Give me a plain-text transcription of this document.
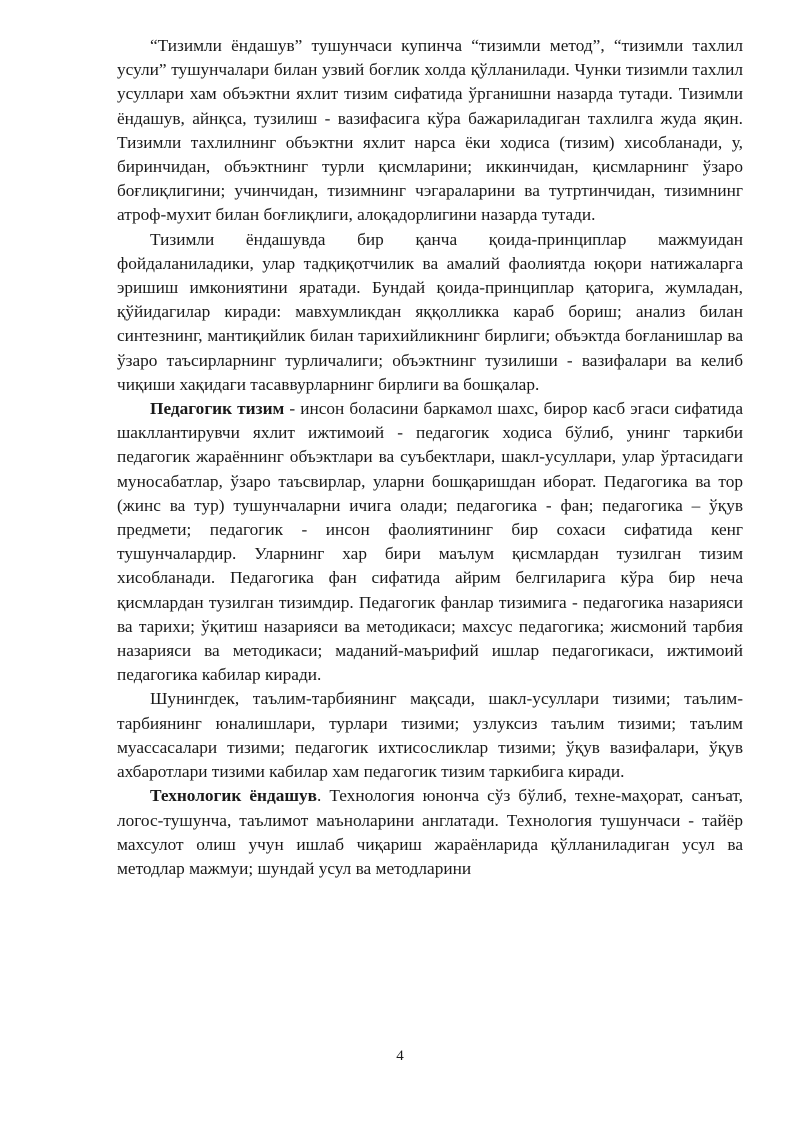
“Тизимли ёндашув” тушунчаси купинча “тизимли метод”, “тизимли тахлил усули” тушунчалари билан узвий боғлик холда қўлланилади. Чунки тизимли тахлил усуллари хам объэктни яхлит тизим сифатида ўрганишни назарда тутади. Тизимли ёндашув, айнқса, тузилиш - вазифасига кўра бажариладиган тахлилга жуда яқин. Тизимли тахлилнинг объэктни яхлит нарса ёки ходиса (тизим) хисобланади, у, биринчидан, объэктнинг турли қисмларини; иккинчидан, қисмларнинг ўзаро боғлиқлигини; учинчидан, тизимнинг чэгараларини ва тутртинчидан, тизимнинг атроф-мухит билан боғлиқлиги, алоқадорлигини назарда тутади.

Тизимли ёндашувда бир қанча қоида-принциплар мажмуидан фойдаланиладики, улар тадқиқотчилик ва амалий фаолиятда юқори натижаларга эришиш имкониятини яратади. Бундай қоида-принциплар қаторига, жумладан, қўйидагилар киради: мавхумликдан яққолликка караб бориш; анализ билан синтезнинг, мантиқийлик билан тарихийликнинг бирлиги; объэктда боғланишлар ва ўзаро таъсирларнинг турличалиги; объэктнинг тузилиши - вазифалари ва келиб чиқиши хақидаги тасаввурларнинг бирлиги ва бошқалар.

Педагогик тизим - инсон боласини баркамол шахс, бирор касб эгаси сифатида шакллантирувчи яхлит ижтимоий - педагогик ходиса бўлиб, унинг таркиби педагогик жараённинг объэктлари ва суъбектлари, шакл-усуллари, улар ўртасидаги муносабатлар, ўзаро таъсвирлар, уларни бошқаришдан иборат. Педагогика ва тор (жинс ва тур) тушунчаларни ичига олади; педагогика - фан; педагогика – ўқув предмети; педагогик - инсон фаолиятининг бир сохаси сифатида кенг тушунчалардир. Уларнинг хар бири маълум қисмлардан тузилган тизим хисобланади. Педагогика фан сифатида айрим белгиларига кўра бир неча қисмлардан тузилган тизимдир. Педагогик фанлар тизимига - педагогика назарияси ва тарихи; ўқитиш назарияси ва методикаси; махсус педагогика; жисмоний тарбия назарияси ва методикаси; маданий-маърифий ишлар педагогикаси, ижтимоий педагогика кабилар киради.

Шунингдек, таълим-тарбиянинг мақсади, шакл-усуллари тизими; таълим-тарбиянинг юналишлари, турлари тизими; узлуксиз таълим тизими; таълим муассасалари тизими; педагогик ихтисосликлар тизими; ўқув вазифалари, ўқув ахбаротлари тизими кабилар хам педагогик тизим таркибига киради.

Технологик ёндашув. Технология юнонча сўз бўлиб, техне-маҳорат, санъат, логос-тушунча, таълимот маъноларини англатади. Технология тушунчаси - тайёр махсулот олиш учун ишлаб чиқариш жараёнларида қўлланиладиган усул ва методлар мажмуи; шундай усул ва методларини

4
